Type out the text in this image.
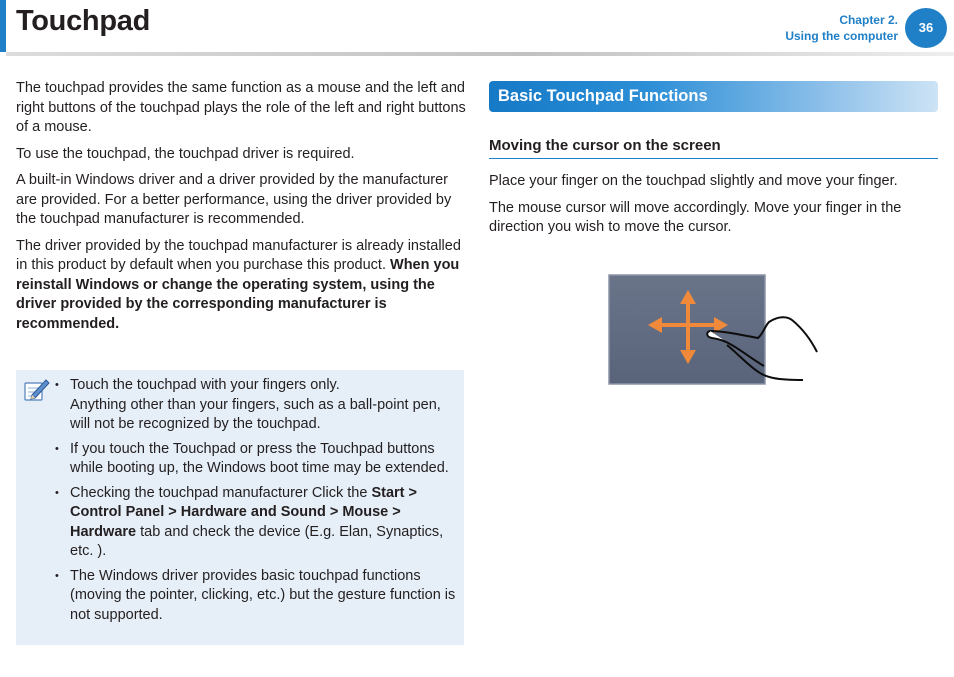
Touchpad	Chapter 2.
Using the computer
36

The touchpad provides the same function as a mouse and the left and right buttons of the touchpad plays the role of the left and right buttons of a mouse.

To use the touchpad, the touchpad driver is required.

A built-in Windows driver and a driver provided by the manufacturer are provided. For a better performance, using the driver provided by the touchpad manufacturer is recommended.

The driver provided by the touchpad manufacturer is already installed in this product by default when you purchase this product. When you reinstall Windows or change the operating system, using the driver provided by the corresponding manufacturer is recommended.

• Touch the touchpad with your fingers only.
Anything other than your fingers, such as a ball-point pen, will not be recognized by the touchpad.
• If you touch the Touchpad or press the Touchpad buttons while booting up, the Windows boot time may be extended.
• Checking the touchpad manufacturer Click the Start > Control Panel > Hardware and Sound > Mouse > Hardware tab and check the device (E.g. Elan, Synaptics, etc. ).
• The Windows driver provides basic touchpad functions (moving the pointer, clicking, etc.) but the gesture function is not supported.
Basic Touchpad Functions
Moving the cursor on the screen

Place your finger on the touchpad slightly and move your finger.

The mouse cursor will move accordingly. Move your finger in the direction you wish to move the cursor.
